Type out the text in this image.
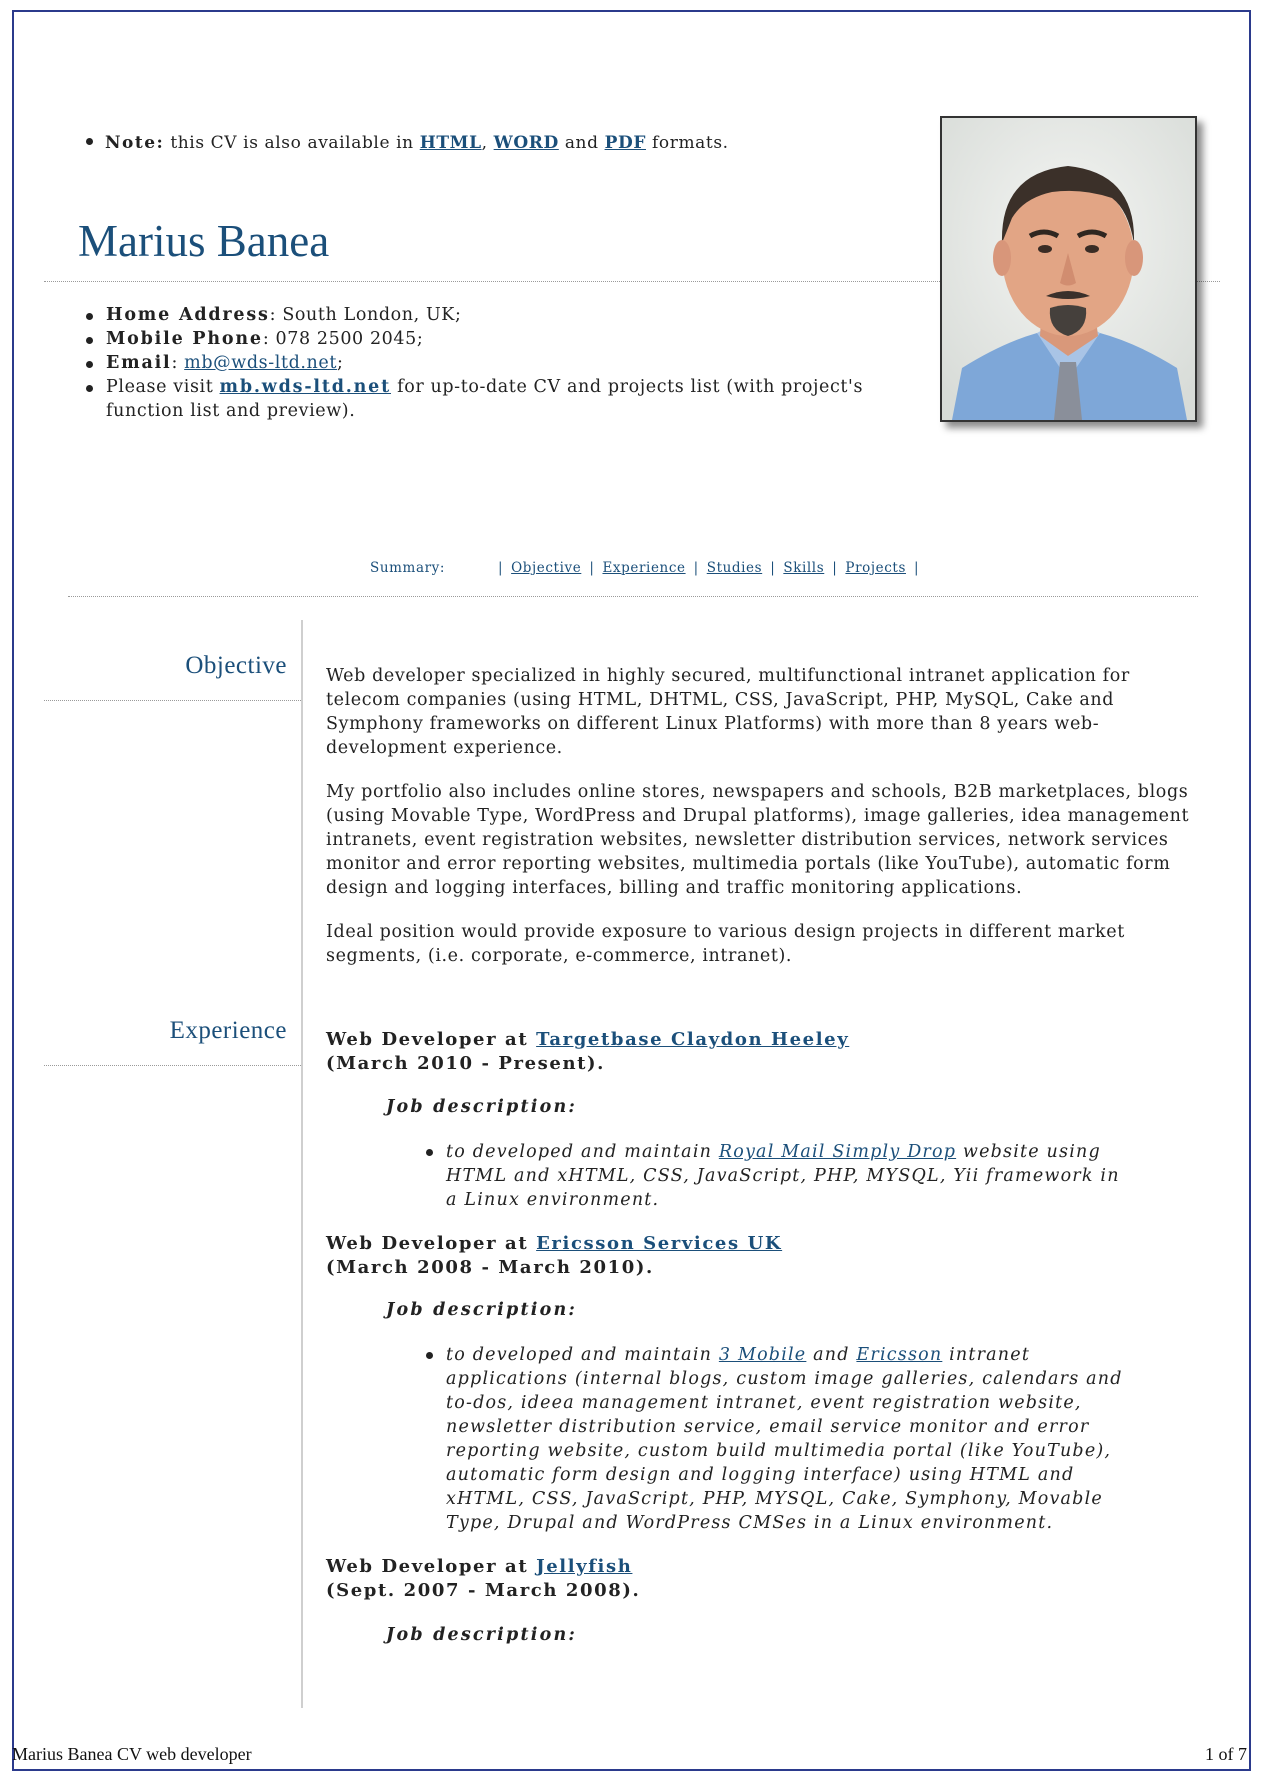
Note: this CV is also available in HTML, WORD and PDF formats.
Marius Banea
Home Address: South London, UK;
Mobile Phone: 078 2500 2045;
Email: mb@wds-ltd.net;
Please visit mb.wds-ltd.net for up-to-date CV and projects list (with project's function list and preview).
Summary:	| Objective | Experience | Studies | Skills | Projects |
Objective Web developer specialized in highly secured, multifunctional intranet application for telecom companies (using HTML, DHTML, CSS, JavaScript, PHP, MySQL, Cake and Symphony frameworks on different Linux Platforms) with more than 8 years web-development experience.

My portfolio also includes online stores, newspapers and schools, B2B marketplaces, blogs (using Movable Type, WordPress and Drupal platforms), image galleries, idea management intranets, event registration websites, newsletter distribution services, network services monitor and error reporting websites, multimedia portals (like YouTube), automatic form design and logging interfaces, billing and traffic monitoring applications.

Ideal position would provide exposure to various design projects in different market segments, (i.e. corporate, e-commerce, intranet).

Experience Web Developer at Targetbase Claydon Heeley
(March 2010 - Present).
Job description:
to developed and maintain Royal Mail Simply Drop website using HTML and xHTML, CSS, JavaScript, PHP, MYSQL, Yii framework in a Linux environment.
Web Developer at Ericsson Services UK
(March 2008 - March 2010).
Job description:
to developed and maintain 3 Mobile and Ericsson intranet applications (internal blogs, custom image galleries, calendars and to-dos, ideea management intranet, event registration website, newsletter distribution service, email service monitor and error reporting website, custom build multimedia portal (like YouTube), automatic form design and logging interface) using HTML and xHTML, CSS, JavaScript, PHP, MYSQL, Cake, Symphony, Movable Type, Drupal and WordPress CMSes in a Linux environment.
Web Developer at Jellyfish
(Sept. 2007 - March 2008).
Job description:
Marius Banea CV web developer	1 of 7
